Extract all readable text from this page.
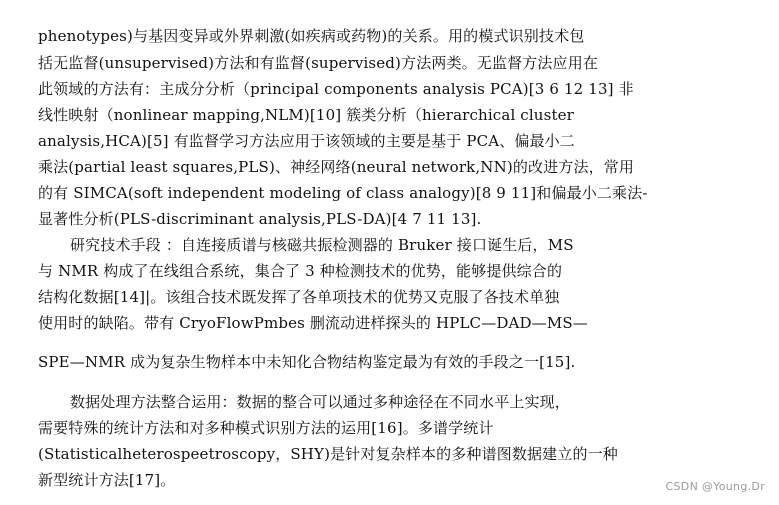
phenotypes)与基因变异或外界刺激(如疾病或药物)的关系。用的模式识别技术包
括无监督(unsupervised)方法和有监督(supervised)方法两类。无监督方法应用在
此领域的方法有：主成分分析（principal components analysis PCA)[3 6 12 13] 非
线性映射（nonlinear mapping,NLM)[10] 簇类分析（hierarchical cluster
analysis,HCA)[5] 有监督学习方法应用于该领域的主要是基于 PCA、偏最小二
乘法(partial least squares,PLS)、神经网络(neural network,NN)的改进方法，常用
的有 SIMCA(soft independent modeling of class analogy)[8 9 11]和偏最小二乘法-
显著性分析(PLS-discriminant analysis,PLS-DA)[4 7 11 13].
研究技术手段 ：自连接质谱与核磁共振检测器的 Bruker 接口诞生后，MS
与 NMR 构成了在线组合系统，集合了 3 种检测技术的优势，能够提供综合的
结构化数据[14]|。该组合技术既发挥了各单项技术的优势又克服了各技术单独
使用时的缺陷。带有 CryoFlowPmbes 删流动进样探头的 HPLC—DAD—MS—
SPE—NMR 成为复杂生物样本中未知化合物结构鉴定最为有效的手段之一[15].
数据处理方法整合运用：数据的整合可以通过多种途径在不同水平上实现，
需要特殊的统计方法和对多种模式识别方法的运用[16]。多谱学统计
(Statisticalheterospeetroscopy，SHY)是针对复杂样本的多种谱图数据建立的一种
新型统计方法[17]。	CSDN @Young.Dr
